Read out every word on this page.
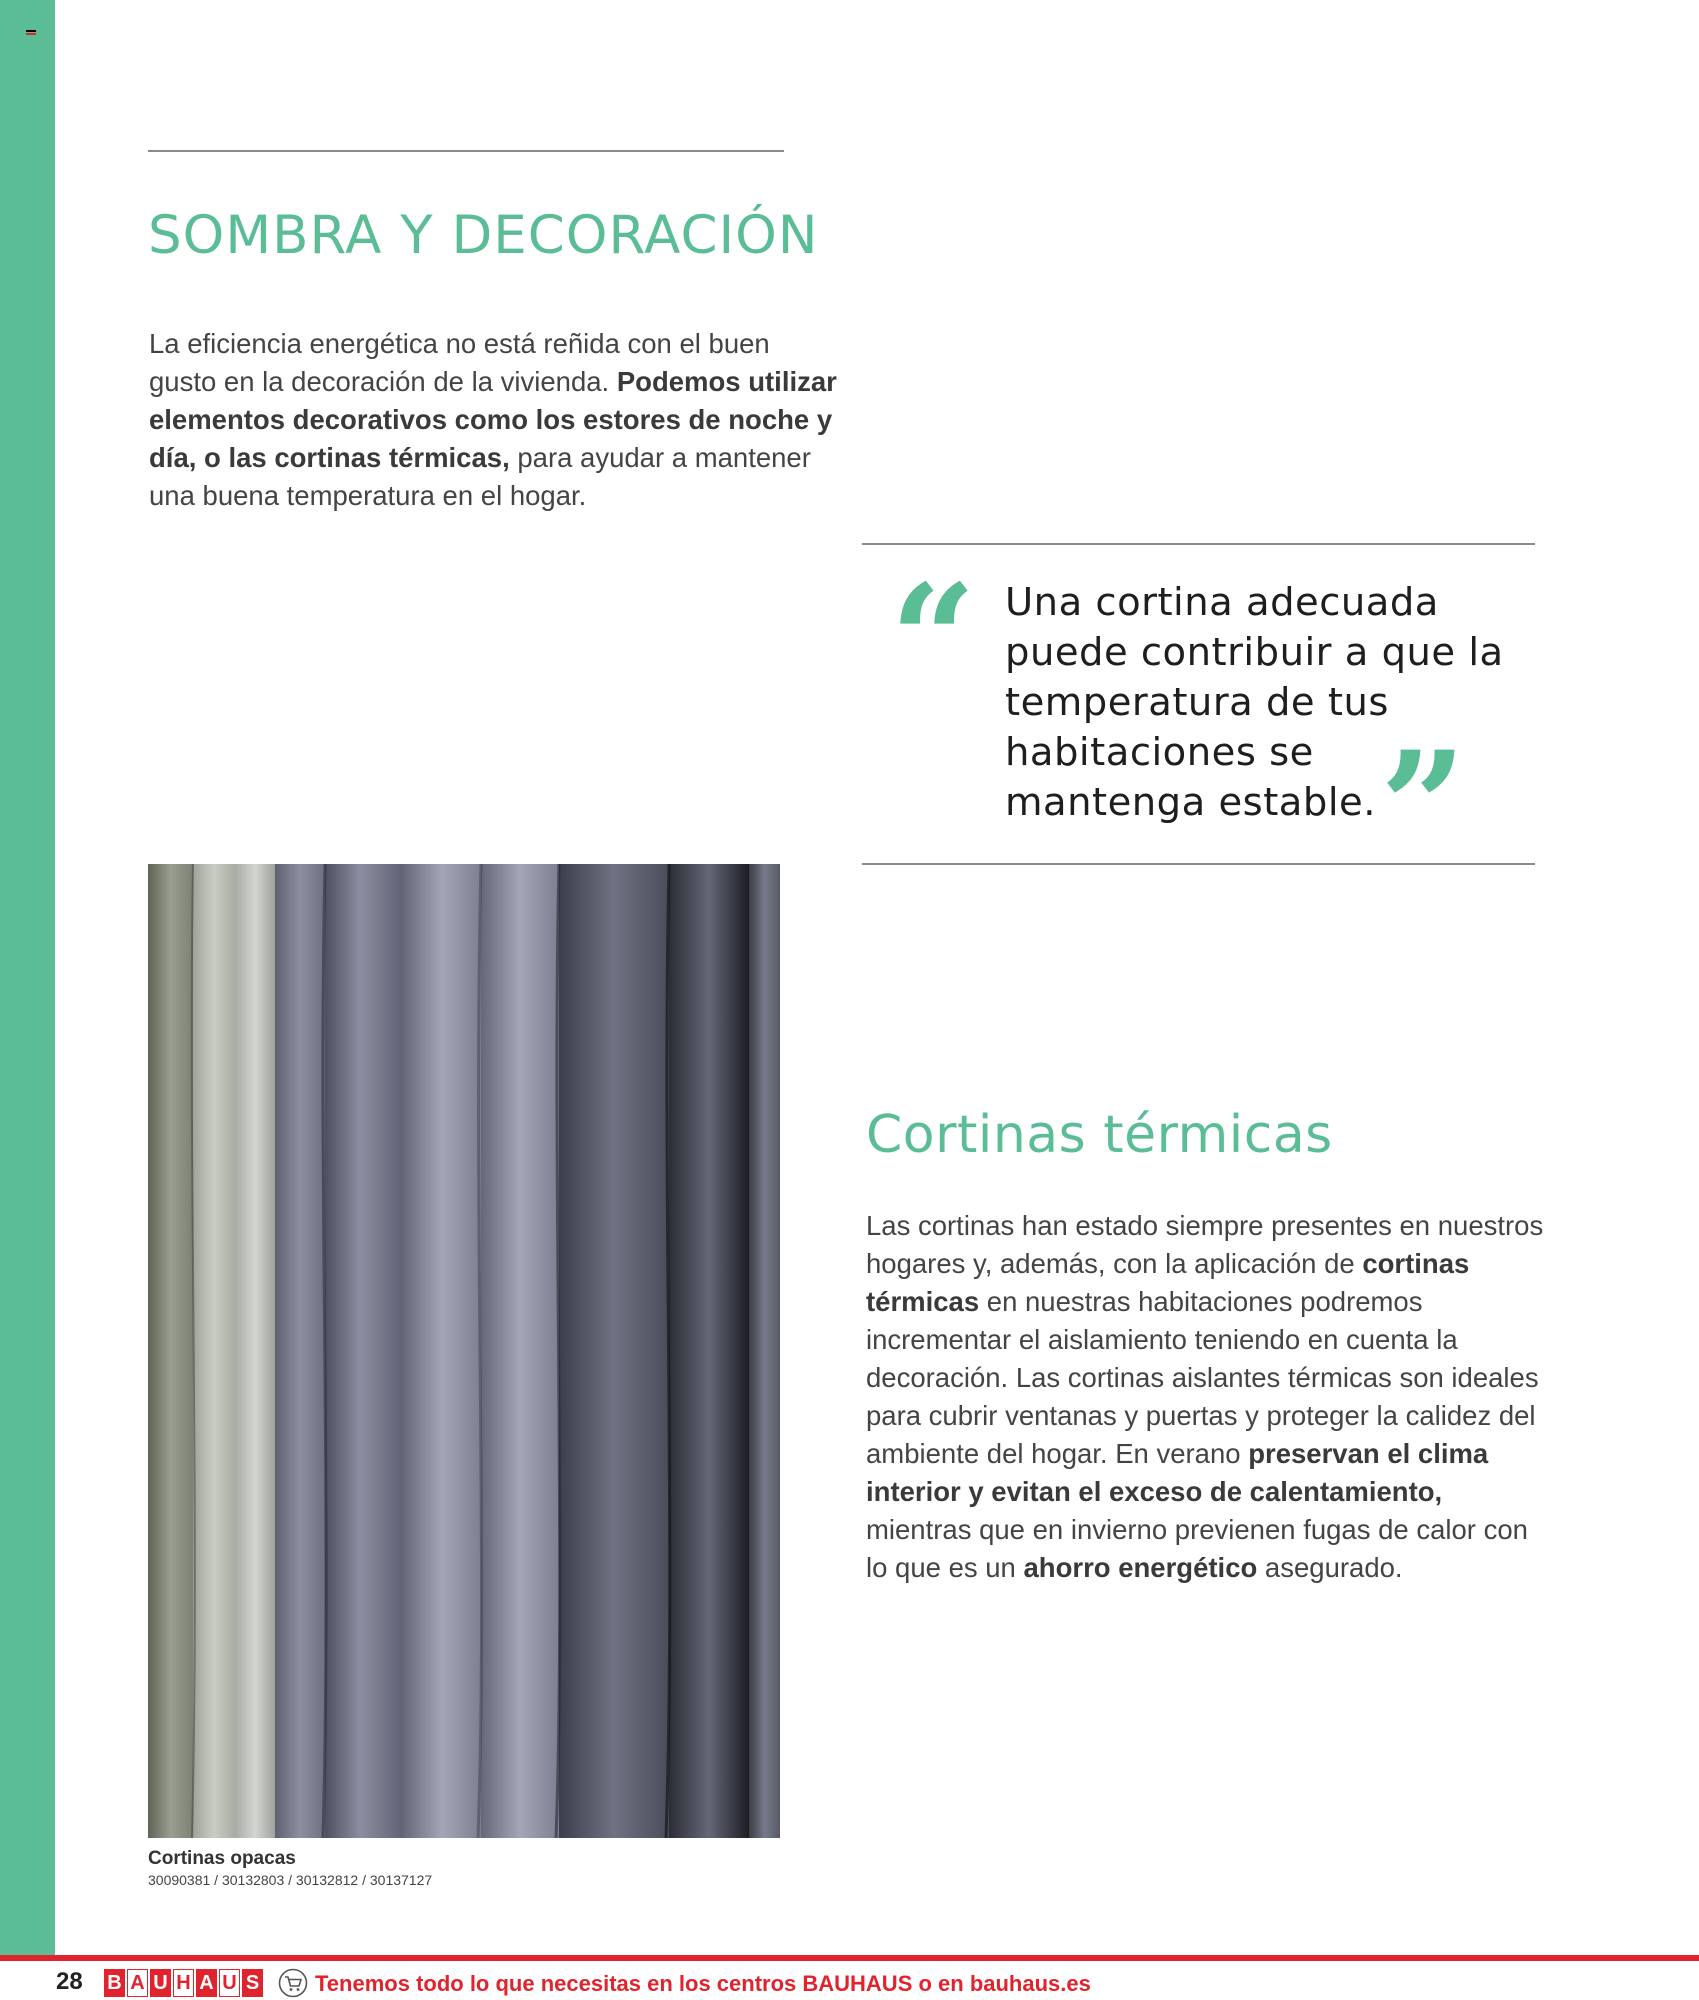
SOMBRA Y DECORACIÓN

La eficiencia energética no está reñida con el buen gusto en la decoración de la vivienda. Podemos utilizar elementos decorativos como los estores de noche y día, o las cortinas térmicas, para ayudar a mantener una buena temperatura en el hogar.

“ Una cortina adecuada puede contribuir a que la temperatura de tus habitaciones se mantenga estable. ”
Cortinas opacas
30090381 / 30132803 / 30132812 / 30137127
Cortinas térmicas

Las cortinas han estado siempre presentes en nuestros hogares y, además, con la aplicación de cortinas térmicas en nuestras habitaciones podremos incrementar el aislamiento teniendo en cuenta la decoración. Las cortinas aislantes térmicas son ideales para cubrir ventanas y puertas y proteger la calidez del ambiente del hogar. En verano preservan el clima interior y evitan el exceso de calentamiento, mientras que en invierno previenen fugas de calor con lo que es un ahorro energético asegurado.

28 B A U H A U S	Tenemos todo lo que necesitas en los centros BAUHAUS o en bauhaus.es
